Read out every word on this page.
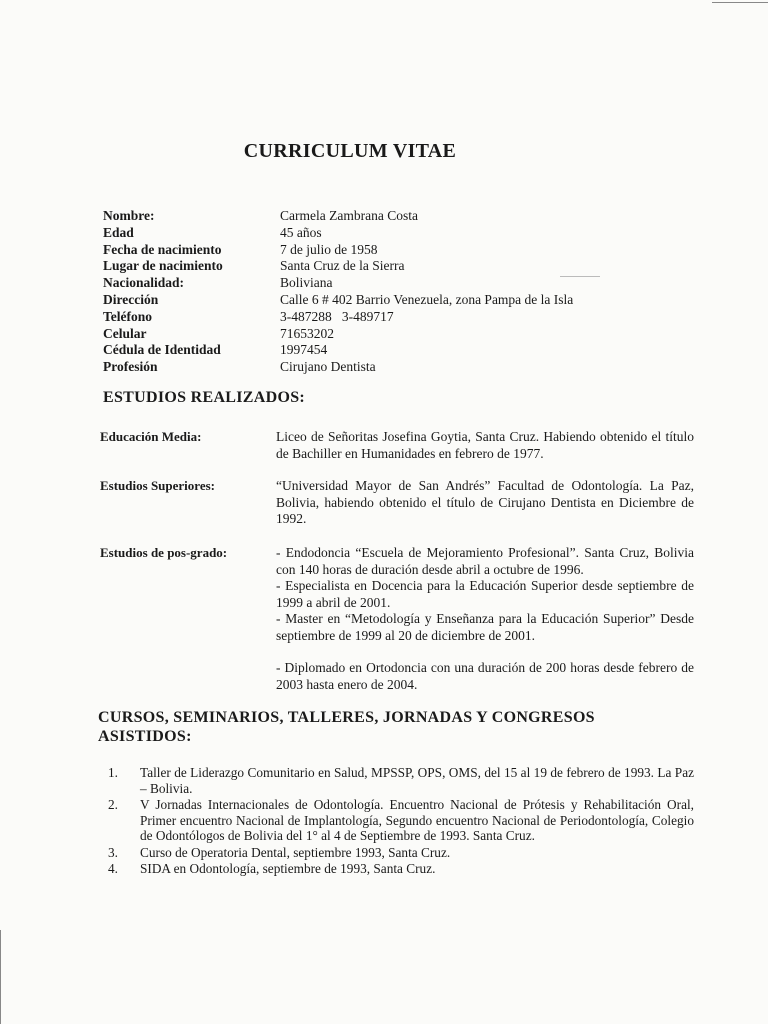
CURRICULUM VITAE
Nombre:	Carmela Zambrana Costa
Edad	45 años
Fecha de nacimiento	7 de julio de 1958
Lugar de nacimiento	Santa Cruz de la Sierra
Nacionalidad:	Boliviana
Dirección	Calle 6 # 402 Barrio Venezuela, zona Pampa de la Isla
Teléfono	3-487288   3-489717
Celular	71653202
Cédula de Identidad	1997454
Profesión	Cirujano Dentista
ESTUDIOS REALIZADOS:
Educación Media:	Liceo de Señoritas Josefina Goytia, Santa Cruz. Habiendo obtenido el título de Bachiller en Humanidades en febrero de 1977.
Estudios Superiores:	“Universidad Mayor de San Andrés” Facultad de Odontología. La Paz, Bolivia, habiendo obtenido el título de Cirujano Dentista en Diciembre de 1992.
Estudios de pos-grado:	- Endodoncia “Escuela de Mejoramiento Profesional”. Santa Cruz, Bolivia con 140 horas de duración desde abril a octubre de 1996.

- Especialista en Docencia para la Educación Superior desde septiembre de 1999 a abril de 2001.

- Master en “Metodología y Enseñanza para la Educación Superior” Desde septiembre de 1999 al 20 de diciembre de 2001.

- Diplomado en Ortodoncia con una duración de 200 horas desde febrero de 2003 hasta enero de 2004.

CURSOS, SEMINARIOS, TALLERES, JORNADAS Y CONGRESOS
ASISTIDOS:
1.	Taller de Liderazgo Comunitario en Salud, MPSSP, OPS, OMS, del 15 al 19 de febrero de 1993. La Paz – Bolivia.
2.	V Jornadas Internacionales de Odontología. Encuentro Nacional de Prótesis y Rehabilitación Oral, Primer encuentro Nacional de Implantología, Segundo encuentro Nacional de Periodontología, Colegio de Odontólogos de Bolivia del 1° al 4 de Septiembre de 1993. Santa Cruz.
3.	Curso de Operatoria Dental, septiembre 1993, Santa Cruz.
4.	SIDA en Odontología, septiembre de 1993, Santa Cruz.
